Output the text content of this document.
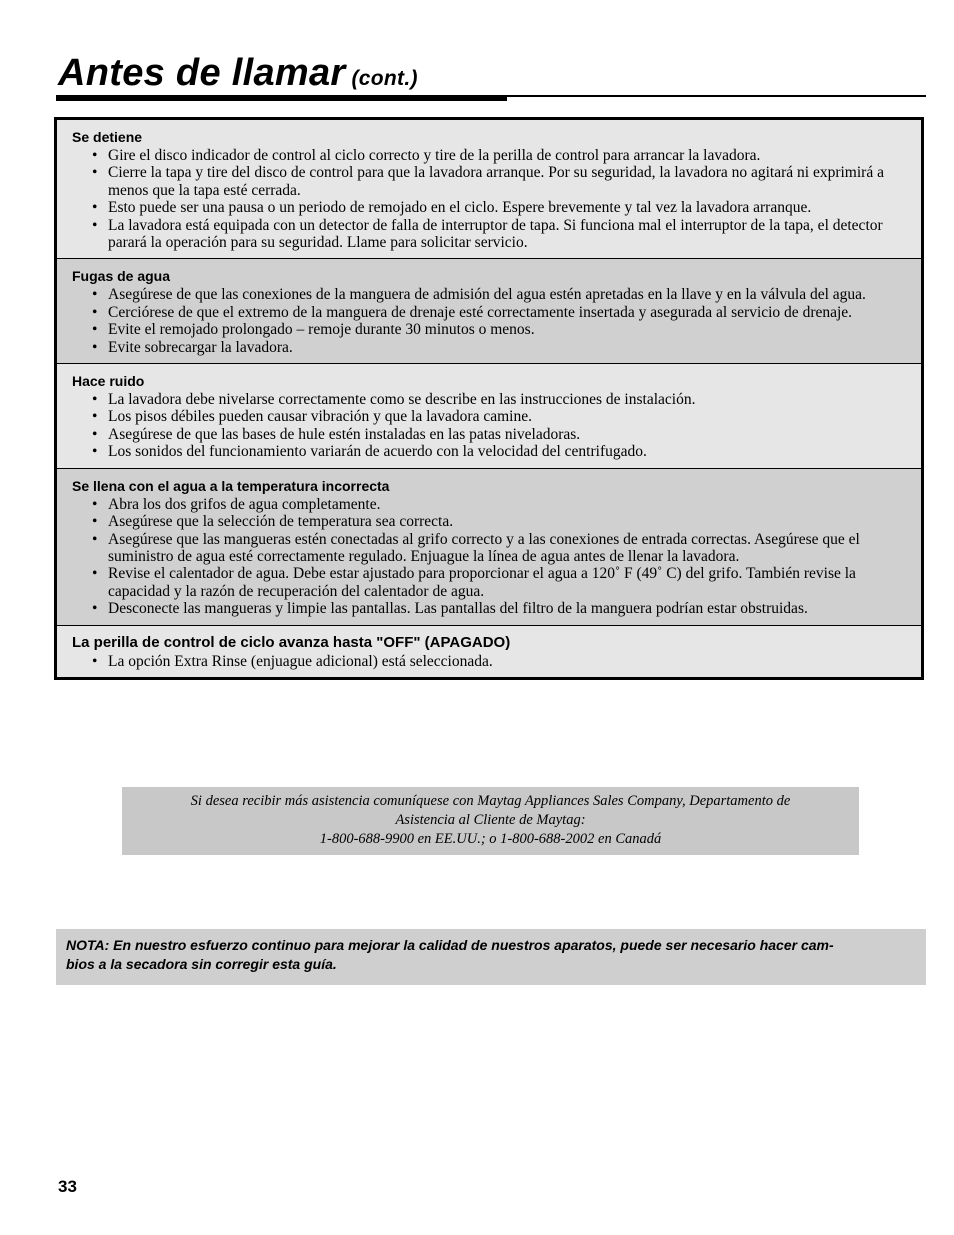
Antes de llamar (cont.)
Se detiene
• Gire el disco indicador de control al ciclo correcto y tire de la perilla de control para arrancar la lavadora.
• Cierre la tapa y tire del disco de control para que la lavadora arranque. Por su seguridad, la lavadora no agitará ni exprimirá a menos que la tapa esté cerrada.
• Esto puede ser una pausa o un periodo de remojado en el ciclo. Espere brevemente y tal vez la lavadora arranque.
• La lavadora está equipada con un detector de falla de interruptor de tapa. Si funciona mal el interruptor de la tapa, el detector parará la operación para su seguridad. Llame para solicitar servicio.
Fugas de agua
• Asegúrese de que las conexiones de la manguera de admisión del agua estén apretadas en la llave y en la válvula del agua.
• Cerciórese de que el extremo de la manguera de drenaje esté correctamente insertada y asegurada al servicio de drenaje.
• Evite el remojado prolongado – remoje durante 30 minutos o menos.
• Evite sobrecargar la lavadora.
Hace ruido
• La lavadora debe nivelarse correctamente como se describe en las instrucciones de instalación.
• Los pisos débiles pueden causar vibración y que la lavadora camine.
• Asegúrese de que las bases de hule estén instaladas en las patas niveladoras.
• Los sonidos del funcionamiento variarán de acuerdo con la velocidad del centrifugado.
Se llena con el agua a la temperatura incorrecta
• Abra los dos grifos de agua completamente.
• Asegúrese que la selección de temperatura sea correcta.
• Asegúrese que las mangueras estén conectadas al grifo correcto y a las conexiones de entrada correctas. Asegúrese que el suministro de agua esté correctamente regulado. Enjuague la línea de agua antes de llenar la lavadora.
• Revise el calentador de agua. Debe estar ajustado para proporcionar el agua a 120˚ F (49˚ C) del grifo. También revise la capacidad y la razón de recuperación del calentador de agua.
• Desconecte las mangueras y limpie las pantallas. Las pantallas del filtro de la manguera podrían estar obstruidas.
La perilla de control de ciclo avanza hasta "OFF" (APAGADO)
• La opción Extra Rinse (enjuague adicional) está seleccionada.

Si desea recibir más asistencia comuníquese con Maytag Appliances Sales Company, Departamento de

Asistencia al Cliente de Maytag:

1-800-688-9900 en EE.UU.; o 1-800-688-2002 en Canadá

NOTA: En nuestro esfuerzo continuo para mejorar la calidad de nuestros aparatos, puede ser necesario hacer cam-

bios a la secadora sin corregir esta guía.

33
